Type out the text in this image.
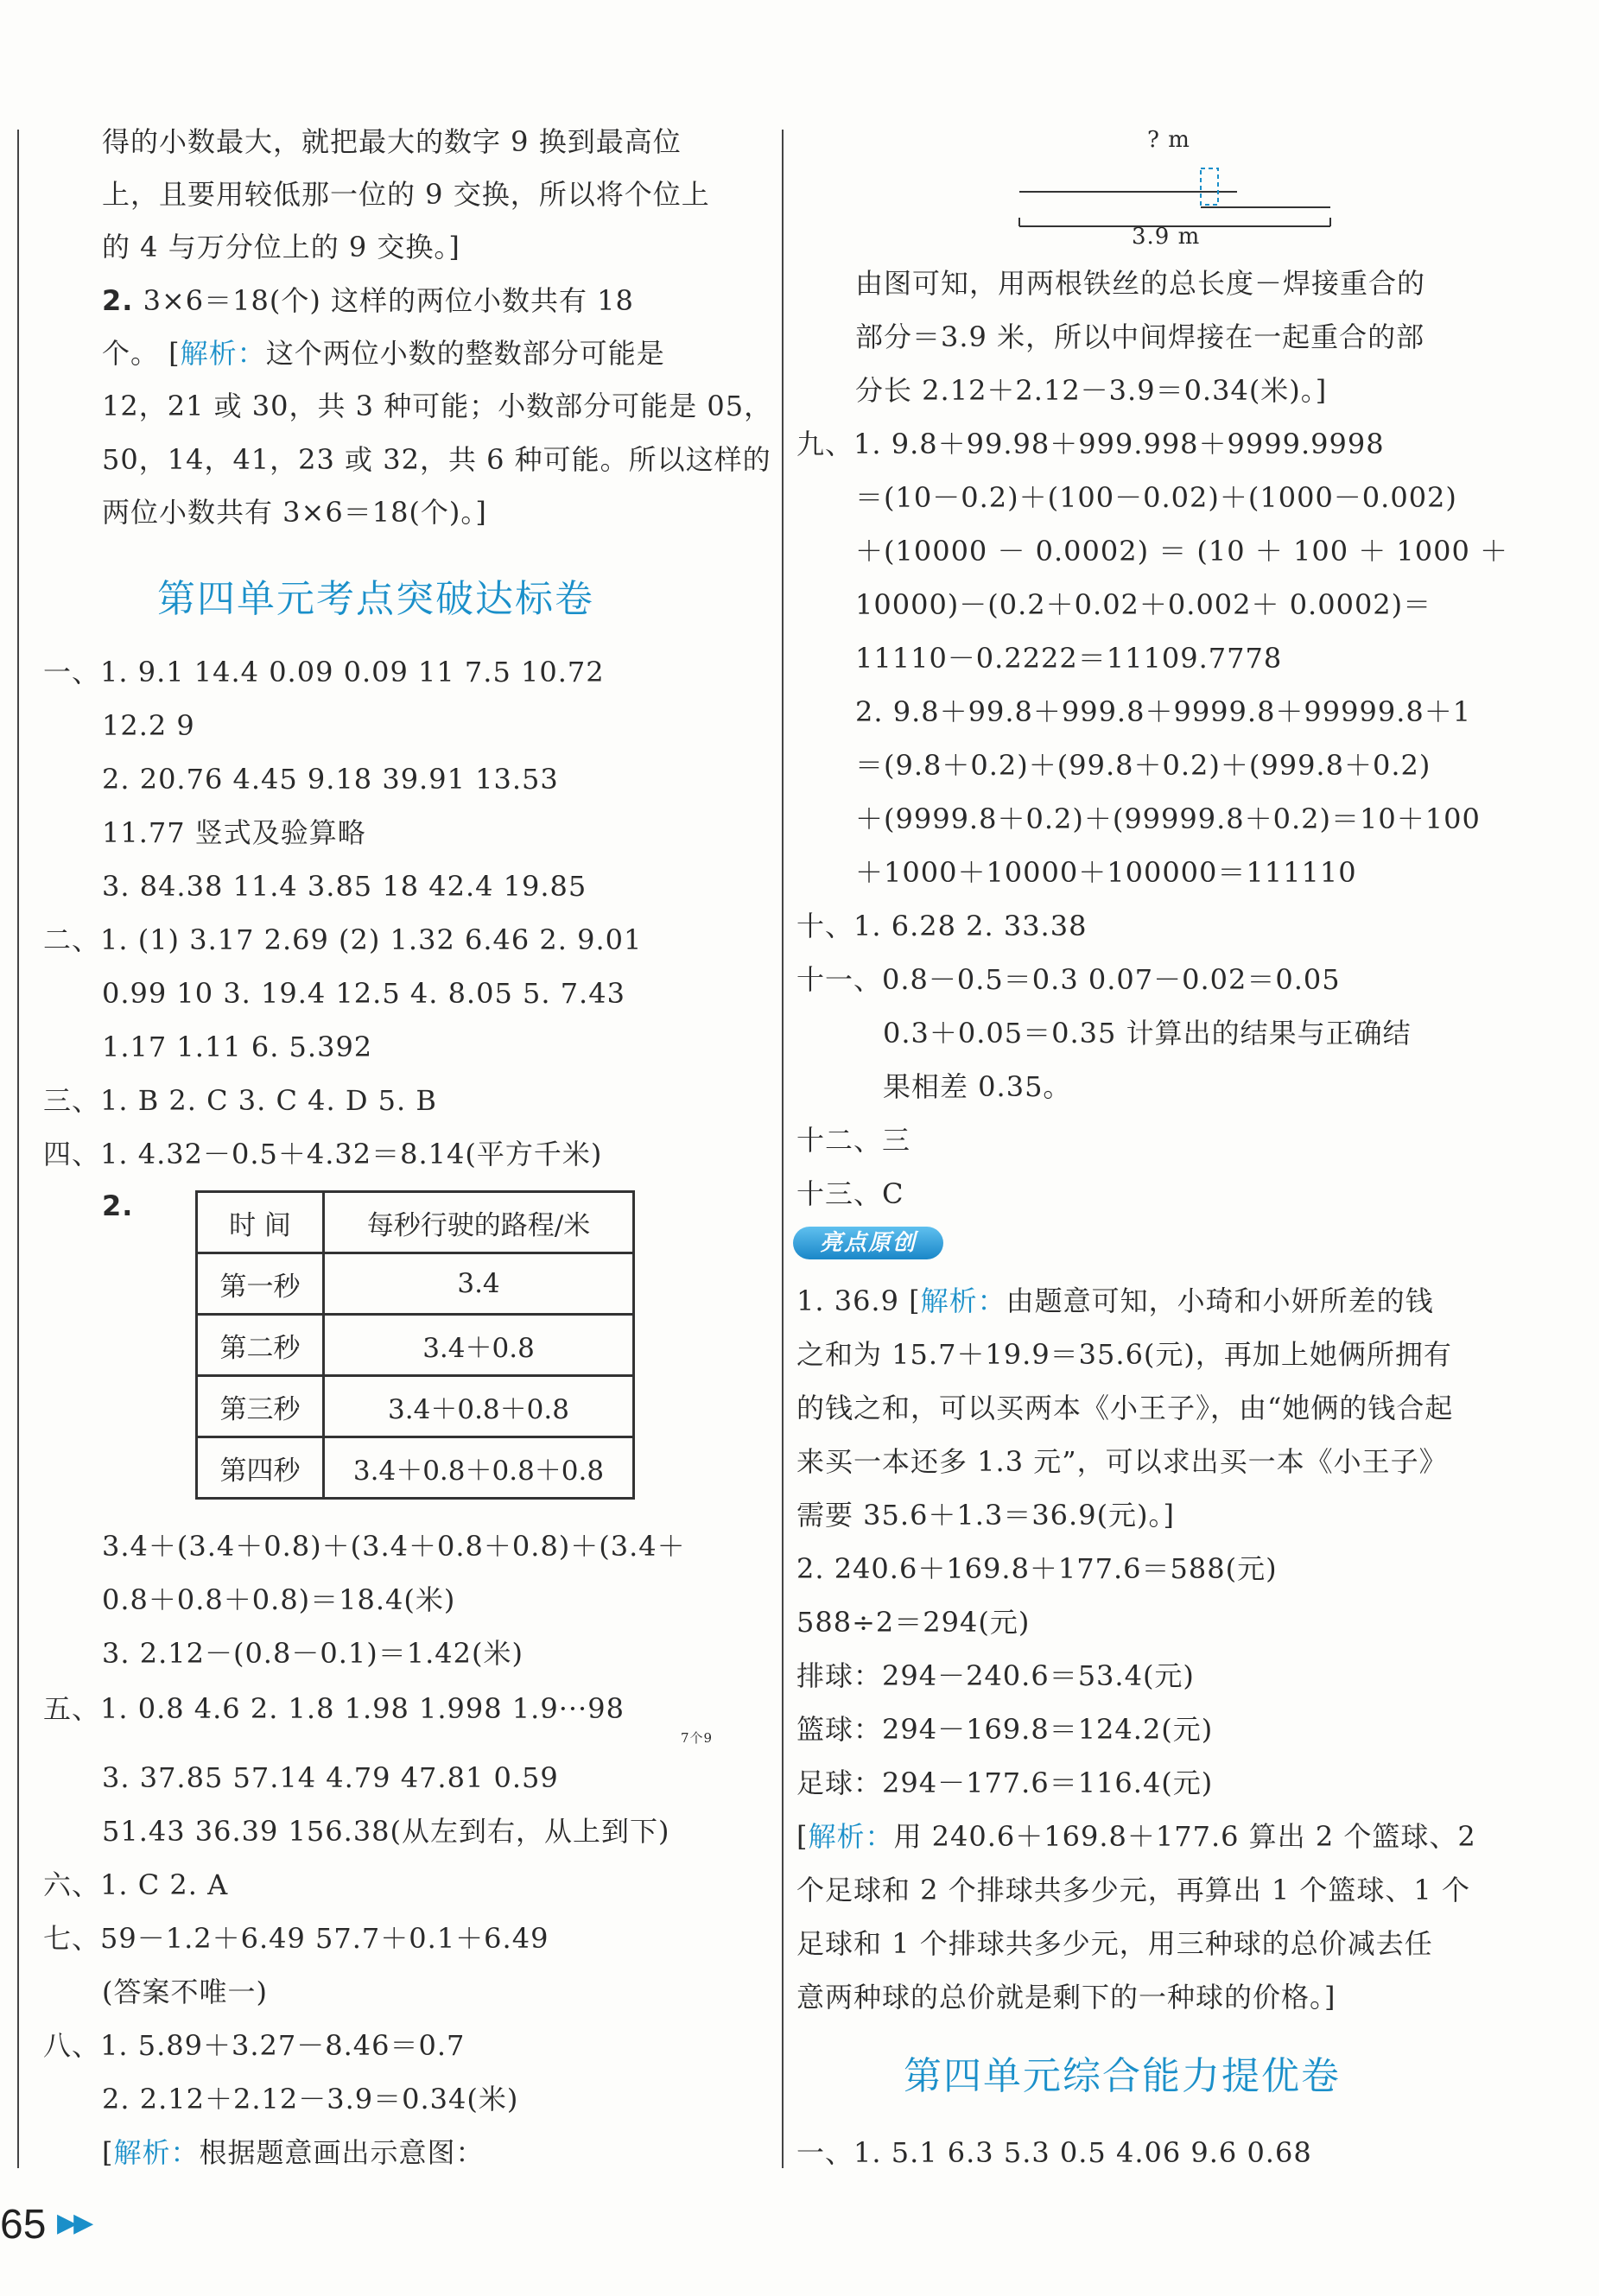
得的小数最大，就把最大的数字 9 换到最高位
上，且要用较低那一位的 9 交换，所以将个位上
的 4 与万分位上的 9 交换。]
2. 3×6＝18(个) 这样的两位小数共有 18
个。 [解析：这个两位小数的整数部分可能是
12，21 或 30，共 3 种可能；小数部分可能是 05，
50，14，41，23 或 32，共 6 种可能。所以这样的
两位小数共有 3×6＝18(个)。]
第四单元考点突破达标卷
一、1. 9.1 14.4 0.09 0.09 11 7.5 10.72
12.2 9
2. 20.76 4.45 9.18 39.91 13.53
11.77 竖式及验算略
3. 84.38 11.4 3.85 18 42.4 19.85
二、1. (1) 3.17 2.69 (2) 1.32 6.46 2. 9.01
0.99 10 3. 19.4 12.5 4. 8.05 5. 7.43
1.17 1.11 6. 5.392
三、1. B 2. C 3. C 4. D 5. B
四、1. 4.32－0.5＋4.32＝8.14(平方千米)
2.
时 间	每秒行驶的路程/米
第一秒	3.4
第二秒	3.4＋0.8
第三秒	3.4＋0.8＋0.8
第四秒	3.4＋0.8＋0.8＋0.8
3.4＋(3.4＋0.8)＋(3.4＋0.8＋0.8)＋(3.4＋
0.8＋0.8＋0.8)＝18.4(米)
3. 2.12－(0.8－0.1)＝1.42(米)
五、1. 0.8 4.6 2. 1.8 1.98 1.998 1.9···98
7个9
3. 37.85 57.14 4.79 47.81 0.59
51.43 36.39 156.38(从左到右，从上到下)
六、1. C 2. A
七、59－1.2＋6.49 57.7＋0.1＋6.49
(答案不唯一)
八、1. 5.89＋3.27－8.46＝0.7
2. 2.12＋2.12－3.9＝0.34(米)
[解析：根据题意画出示意图：
? m
3.9 m
由图可知，用两根铁丝的总长度－焊接重合的
部分＝3.9 米，所以中间焊接在一起重合的部
分长 2.12＋2.12－3.9＝0.34(米)。]
九、1. 9.8＋99.98＋999.998＋9999.9998
＝(10－0.2)＋(100－0.02)＋(1000－0.002)
＋(10000 － 0.0002) ＝ (10 ＋ 100 ＋ 1000 ＋
10000)－(0.2＋0.02＋0.002＋ 0.0002)＝
11110－0.2222＝11109.7778
2. 9.8＋99.8＋999.8＋9999.8＋99999.8＋1
＝(9.8＋0.2)＋(99.8＋0.2)＋(999.8＋0.2)
＋(9999.8＋0.2)＋(99999.8＋0.2)＝10＋100
＋1000＋10000＋100000＝111110
十、1. 6.28 2. 33.38
十一、0.8－0.5＝0.3 0.07－0.02＝0.05
0.3＋0.05＝0.35 计算出的结果与正确结
果相差 0.35。
十二、三
十三、C
亮点原创
1. 36.9 [解析：由题意可知，小琦和小妍所差的钱
之和为 15.7＋19.9＝35.6(元)，再加上她俩所拥有
的钱之和，可以买两本《小王子》，由“她俩的钱合起
来买一本还多 1.3 元”，可以求出买一本《小王子》
需要 35.6＋1.3＝36.9(元)。]
2. 240.6＋169.8＋177.6＝588(元)
588÷2＝294(元)
排球：294－240.6＝53.4(元)
篮球：294－169.8＝124.2(元)
足球：294－177.6＝116.4(元)
[解析：用 240.6＋169.8＋177.6 算出 2 个篮球、2
个足球和 2 个排球共多少元，再算出 1 个篮球、1 个
足球和 1 个排球共多少元，用三种球的总价减去任
意两种球的总价就是剩下的一种球的价格。]
第四单元综合能力提优卷
一、1. 5.1 6.3 5.3 0.5 4.06 9.6 0.68
65 ▶▶
